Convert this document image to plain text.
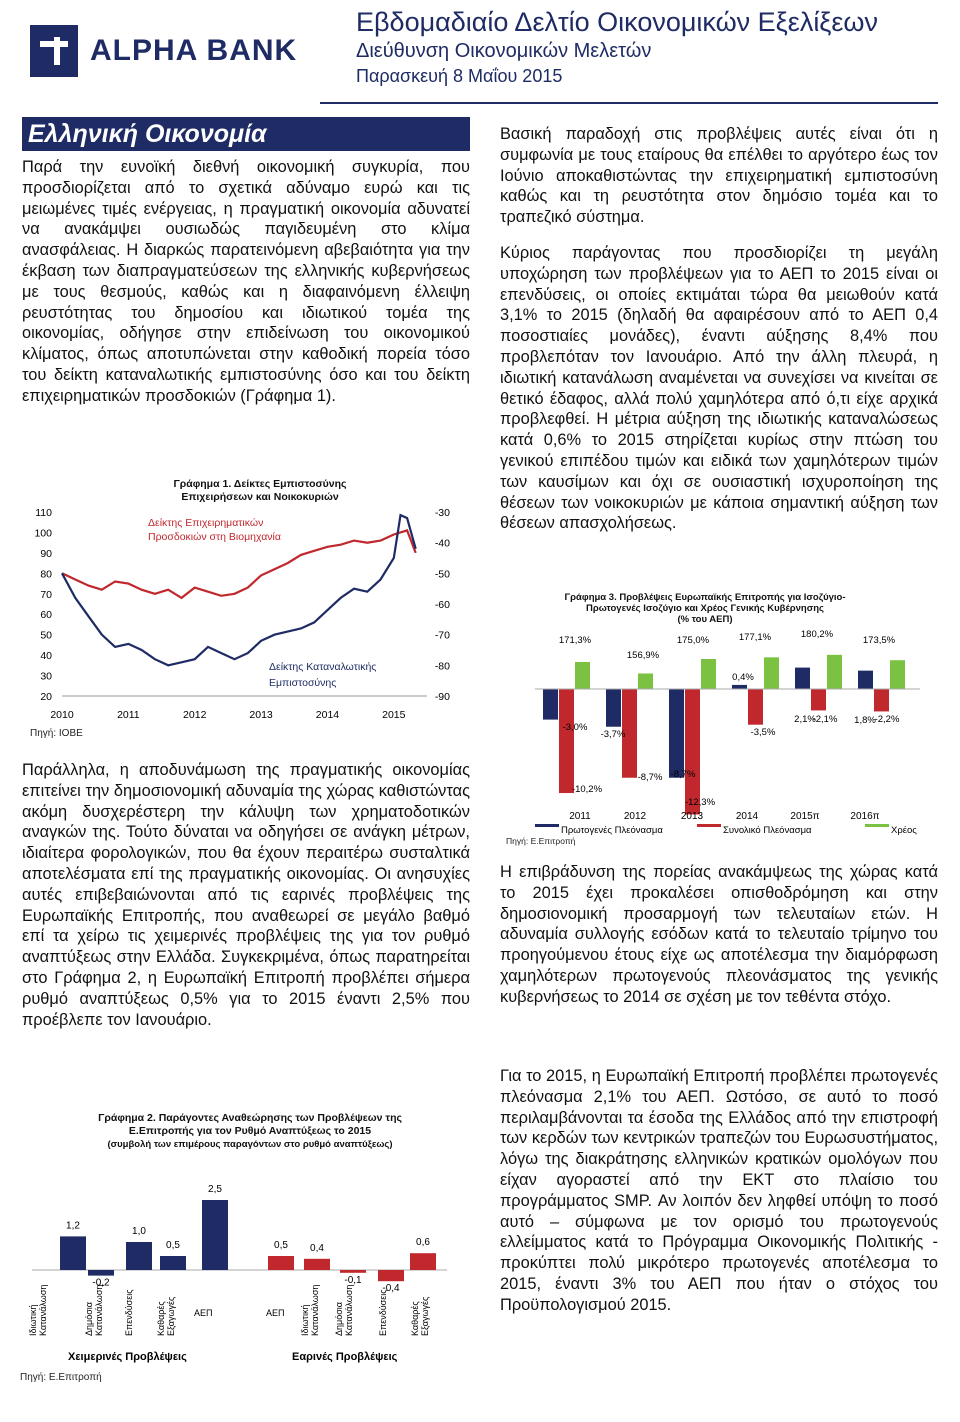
ALPHA BANK
Εβδομαδιαίο Δελτίο Οικονομικών Εξελίξεων
Διεύθυνση Οικονομικών Μελετών
Παρασκευή 8 Μαΐου 2015
Ελληνική Οικονομία
Παρά την ευνοϊκή διεθνή οικονομική συγκυρία, που προσδιορίζεται από το σχετικά αδύναμο ευρώ και τις μειωμένες τιμές ενέργειας, η πραγματική οικονομία αδυνατεί να ανακάμψει ουσιωδώς παγιδευμένη στο κλίμα ανασφάλειας. Η διαρκώς παρατεινόμενη αβεβαιότητα για την έκβαση των διαπραγματεύσεων της ελληνικής κυβερνήσεως με τους θεσμούς, καθώς και η διαφαινόμενη έλλειψη ρευστότητας του δημοσίου και ιδιωτικού τομέα της οικονομίας, οδήγησε στην επιδείνωση του οικονομικού κλίματος, όπως αποτυπώνεται στην καθοδική πορεία τόσο του δείκτη καταναλωτικής εμπιστοσύνης όσο και του δείκτη επιχειρηματικών προσδοκιών (Γράφημα 1).
Γράφημα 1. Δείκτες Εμπιστοσύνης Επιχειρήσεων και Νοικοκυριών
110
100
90
80
70
60
50
40
30
20
-30
-40
-50
-60
-70
-80
-90
2010	2011	2012	2013	2014	2015
Δείκτης Επιχειρηματικών
Προσδοκιών στη Βιομηχανία
Δείκτης Καταναλωτικής
Εμπιστοσύνης
Πηγή: ΙΟΒΕ
Παράλληλα, η αποδυνάμωση της πραγματικής οικονομίας επιτείνει την δημοσιονομική αδυναμία της χώρας καθιστώντας ακόμη δυσχερέστερη την κάλυψη των χρηματοδοτικών αναγκών της. Τούτο δύναται να οδηγήσει σε ανάγκη μέτρων, ιδιαίτερα φορολογικών, που θα έχουν περαιτέρω συσταλτικά αποτελέσματα επί της πραγματικής οικονομίας. Οι ανησυχίες αυτές επιβεβαιώνονται από τις εαρινές προβλέψεις της Ευρωπαϊκής Επιτροπής, που αναθεωρεί σε μεγάλο βαθμό επί τα χείρω τις χειμερινές προβλέψεις της για τον ρυθμό αναπτύξεως στην Ελλάδα. Συγκεκριμένα, όπως παρατηρείται στο Γράφημα 2, η Ευρωπαϊκή Επιτροπή προβλέπει σήμερα ρυθμό αναπτύξεως 0,5% για το 2015 έναντι 2,5% που προέβλεπε τον Ιανουάριο.
Γράφημα 2. Παράγοντες Αναθεώρησης των Προβλέψεων της
Ε.Επιτροπής για τον Ρυθμό Αναπτύξεως το 2015
(συμβολή των επιμέρους παραγόντων στο ρυθμό αναπτύξεως)
1,2
-0,2
1,0
0,5
2,5
0,5 0,4
-0,1
-0,4
0,6
ΙδιωτικήΚατανάλωση	ΔημόσιαΚατανάλωση Επενδύσεις ΚαθαρέςΕξαγωγές ΑΕΠ	ΑΕΠ ΙδιωτικήΚατανάλωση ΔημόσιαΚατανάλωση	Επενδύσεις ΚαθαρέςΕξαγωγές
Χειμερινές Προβλέψεις	Εαρινές Προβλέψεις
Πηγή: Ε.Επιτροπή
Βασική παραδοχή στις προβλέψεις αυτές είναι ότι η συμφωνία με τους εταίρους θα επέλθει το αργότερο έως τον Ιούνιο αποκαθιστώντας την επιχειρηματική εμπιστοσύνη καθώς και τη ρευστότητα στον δημόσιο τομέα και το τραπεζικό σύστημα.
Κύριος παράγοντας που προσδιορίζει τη μεγάλη υποχώρηση των προβλέψεων για το ΑΕΠ το 2015 είναι οι επενδύσεις, οι οποίες εκτιμάται τώρα θα μειωθούν κατά 3,1% το 2015 (δηλαδή θα αφαιρέσουν από το ΑΕΠ 0,4 ποσοστιαίες μονάδες), έναντι αύξησης 8,4% που προβλεπόταν τον Ιανουάριο. Από την άλλη πλευρά, η ιδιωτική κατανάλωση αναμένεται να συνεχίσει να κινείται σε θετικό έδαφος, αλλά πολύ χαμηλότερα από ό,τι είχε αρχικά προβλεφθεί. Η μέτρια αύξηση της ιδιωτικής καταναλώσεως κατά 0,6% το 2015 στηρίζεται κυρίως στην πτώση του γενικού επιπέδου τιμών και ειδικά των χαμηλότερων τιμών των καυσίμων και όχι σε ουσιαστική ισχυροποίηση της θέσεων των νοικοκυριών με κάποια σημαντική αύξηση των θέσεων απασχολήσεως.
Γράφημα 3. Προβλέψεις Ευρωπαϊκής Επιτροπής για Ισοζύγιο-
Πρωτογενές Ισοζύγιο και Χρέος Γενικής Κυβέρνησης
(% του ΑΕΠ)
-3,0%
-10,2%
171,3%
-3,7%
-8,7%
156,9%
-8,7%
-12,3%
175,0%
0,4%
-3,5%
177,1%
2,1%
-2,1%
180,2%
1,8%
-2,2%
173,5%
2011	2012	2013	2014	2015π	2016π
Πρωτογενές Πλεόνασμα	Συνολικό Πλεόνασμα	Χρέος
Πηγή: Ε.Επιτροπή
Η επιβράδυνση της πορείας ανακάμψεως της χώρας κατά το 2015 έχει προκαλέσει οπισθοδρόμηση και στην δημοσιονομική προσαρμογή των τελευταίων ετών. Η αδυναμία συλλογής εσόδων κατά το τελευταίο τρίμηνο του προηγούμενου έτους είχε ως αποτέλεσμα την διαμόρφωση χαμηλότερων πρωτογενούς πλεονάσματος της γενικής κυβερνήσεως το 2014 σε σχέση με τον τεθέντα στόχο.
Για το 2015, η Ευρωπαϊκή Επιτροπή προβλέπει πρωτογενές πλεόνασμα 2,1% του ΑΕΠ. Ωστόσο, σε αυτό το ποσό περιλαμβάνονται τα έσοδα της Ελλάδος από την επιστροφή των κερδών των κεντρικών τραπεζών του Ευρωσυστήματος, λόγω της διακράτησης ελληνικών κρατικών ομολόγων που είχαν αγοραστεί από την ΕΚΤ στο πλαίσιο του προγράμματος SMP. Αν λοιπόν δεν ληφθεί υπόψη το ποσό αυτό – σύμφωνα με τον ορισμό του πρωτογενούς ελλείμματος κατά το Πρόγραμμα Οικονομικής Πολιτικής - προκύπτει πολύ μικρότερο πρωτογενές αποτέλεσμα το 2015, έναντι 3% του ΑΕΠ που ήταν ο στόχος του Προϋπολογισμού 2015.
